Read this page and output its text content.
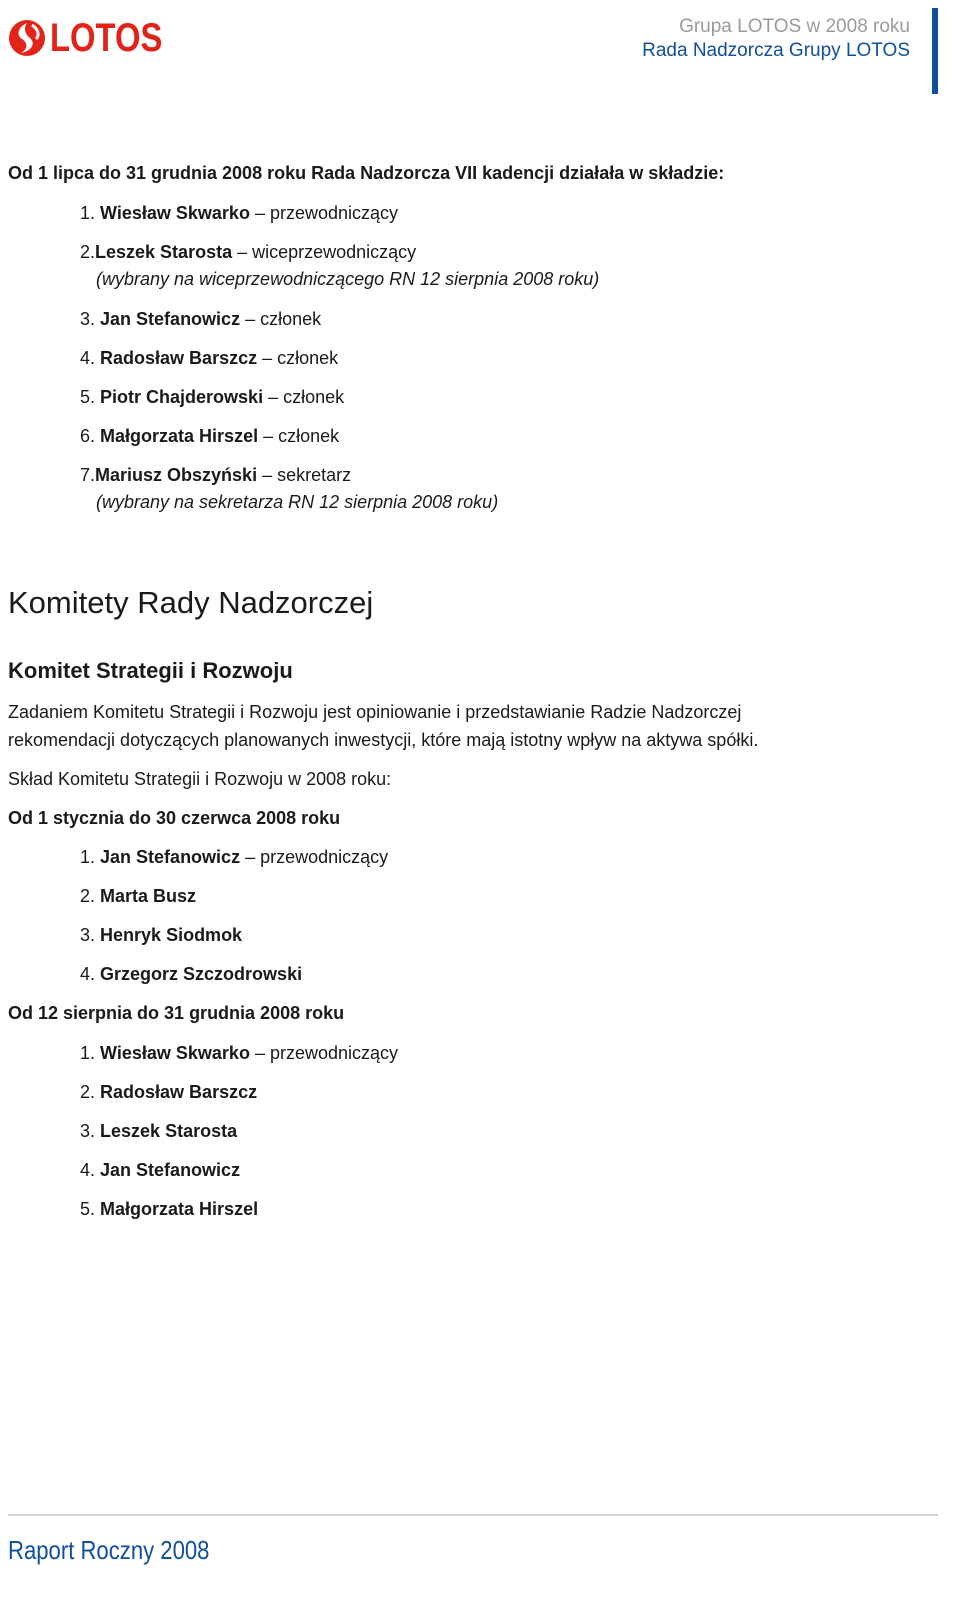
LOTOS	Grupa LOTOS w 2008 roku
Rada Nadzorcza Grupy LOTOS
Od 1 lipca do 31 grudnia 2008 roku Rada Nadzorcza VII kadencji działała w składzie:
1. Wiesław Skwarko – przewodniczący
2.Leszek Starosta – wiceprzewodniczący
(wybrany na wiceprzewodniczącego RN 12 sierpnia 2008 roku)
3. Jan Stefanowicz – członek
4. Radosław Barszcz – członek
5. Piotr Chajderowski – członek
6. Małgorzata Hirszel – członek
7.Mariusz Obszyński – sekretarz
(wybrany na sekretarza RN 12 sierpnia 2008 roku)
Komitety Rady Nadzorczej
Komitet Strategii i Rozwoju
Zadaniem Komitetu Strategii i Rozwoju jest opiniowanie i przedstawianie Radzie Nadzorczej
rekomendacji dotyczących planowanych inwestycji, które mają istotny wpływ na aktywa spółki.
Skład Komitetu Strategii i Rozwoju w 2008 roku:
Od 1 stycznia do 30 czerwca 2008 roku
1. Jan Stefanowicz – przewodniczący
2. Marta Busz
3. Henryk Siodmok
4. Grzegorz Szczodrowski
Od 12 sierpnia do 31 grudnia 2008 roku
1. Wiesław Skwarko – przewodniczący
2. Radosław Barszcz
3. Leszek Starosta
4. Jan Stefanowicz
5. Małgorzata Hirszel
Raport Roczny 2008
